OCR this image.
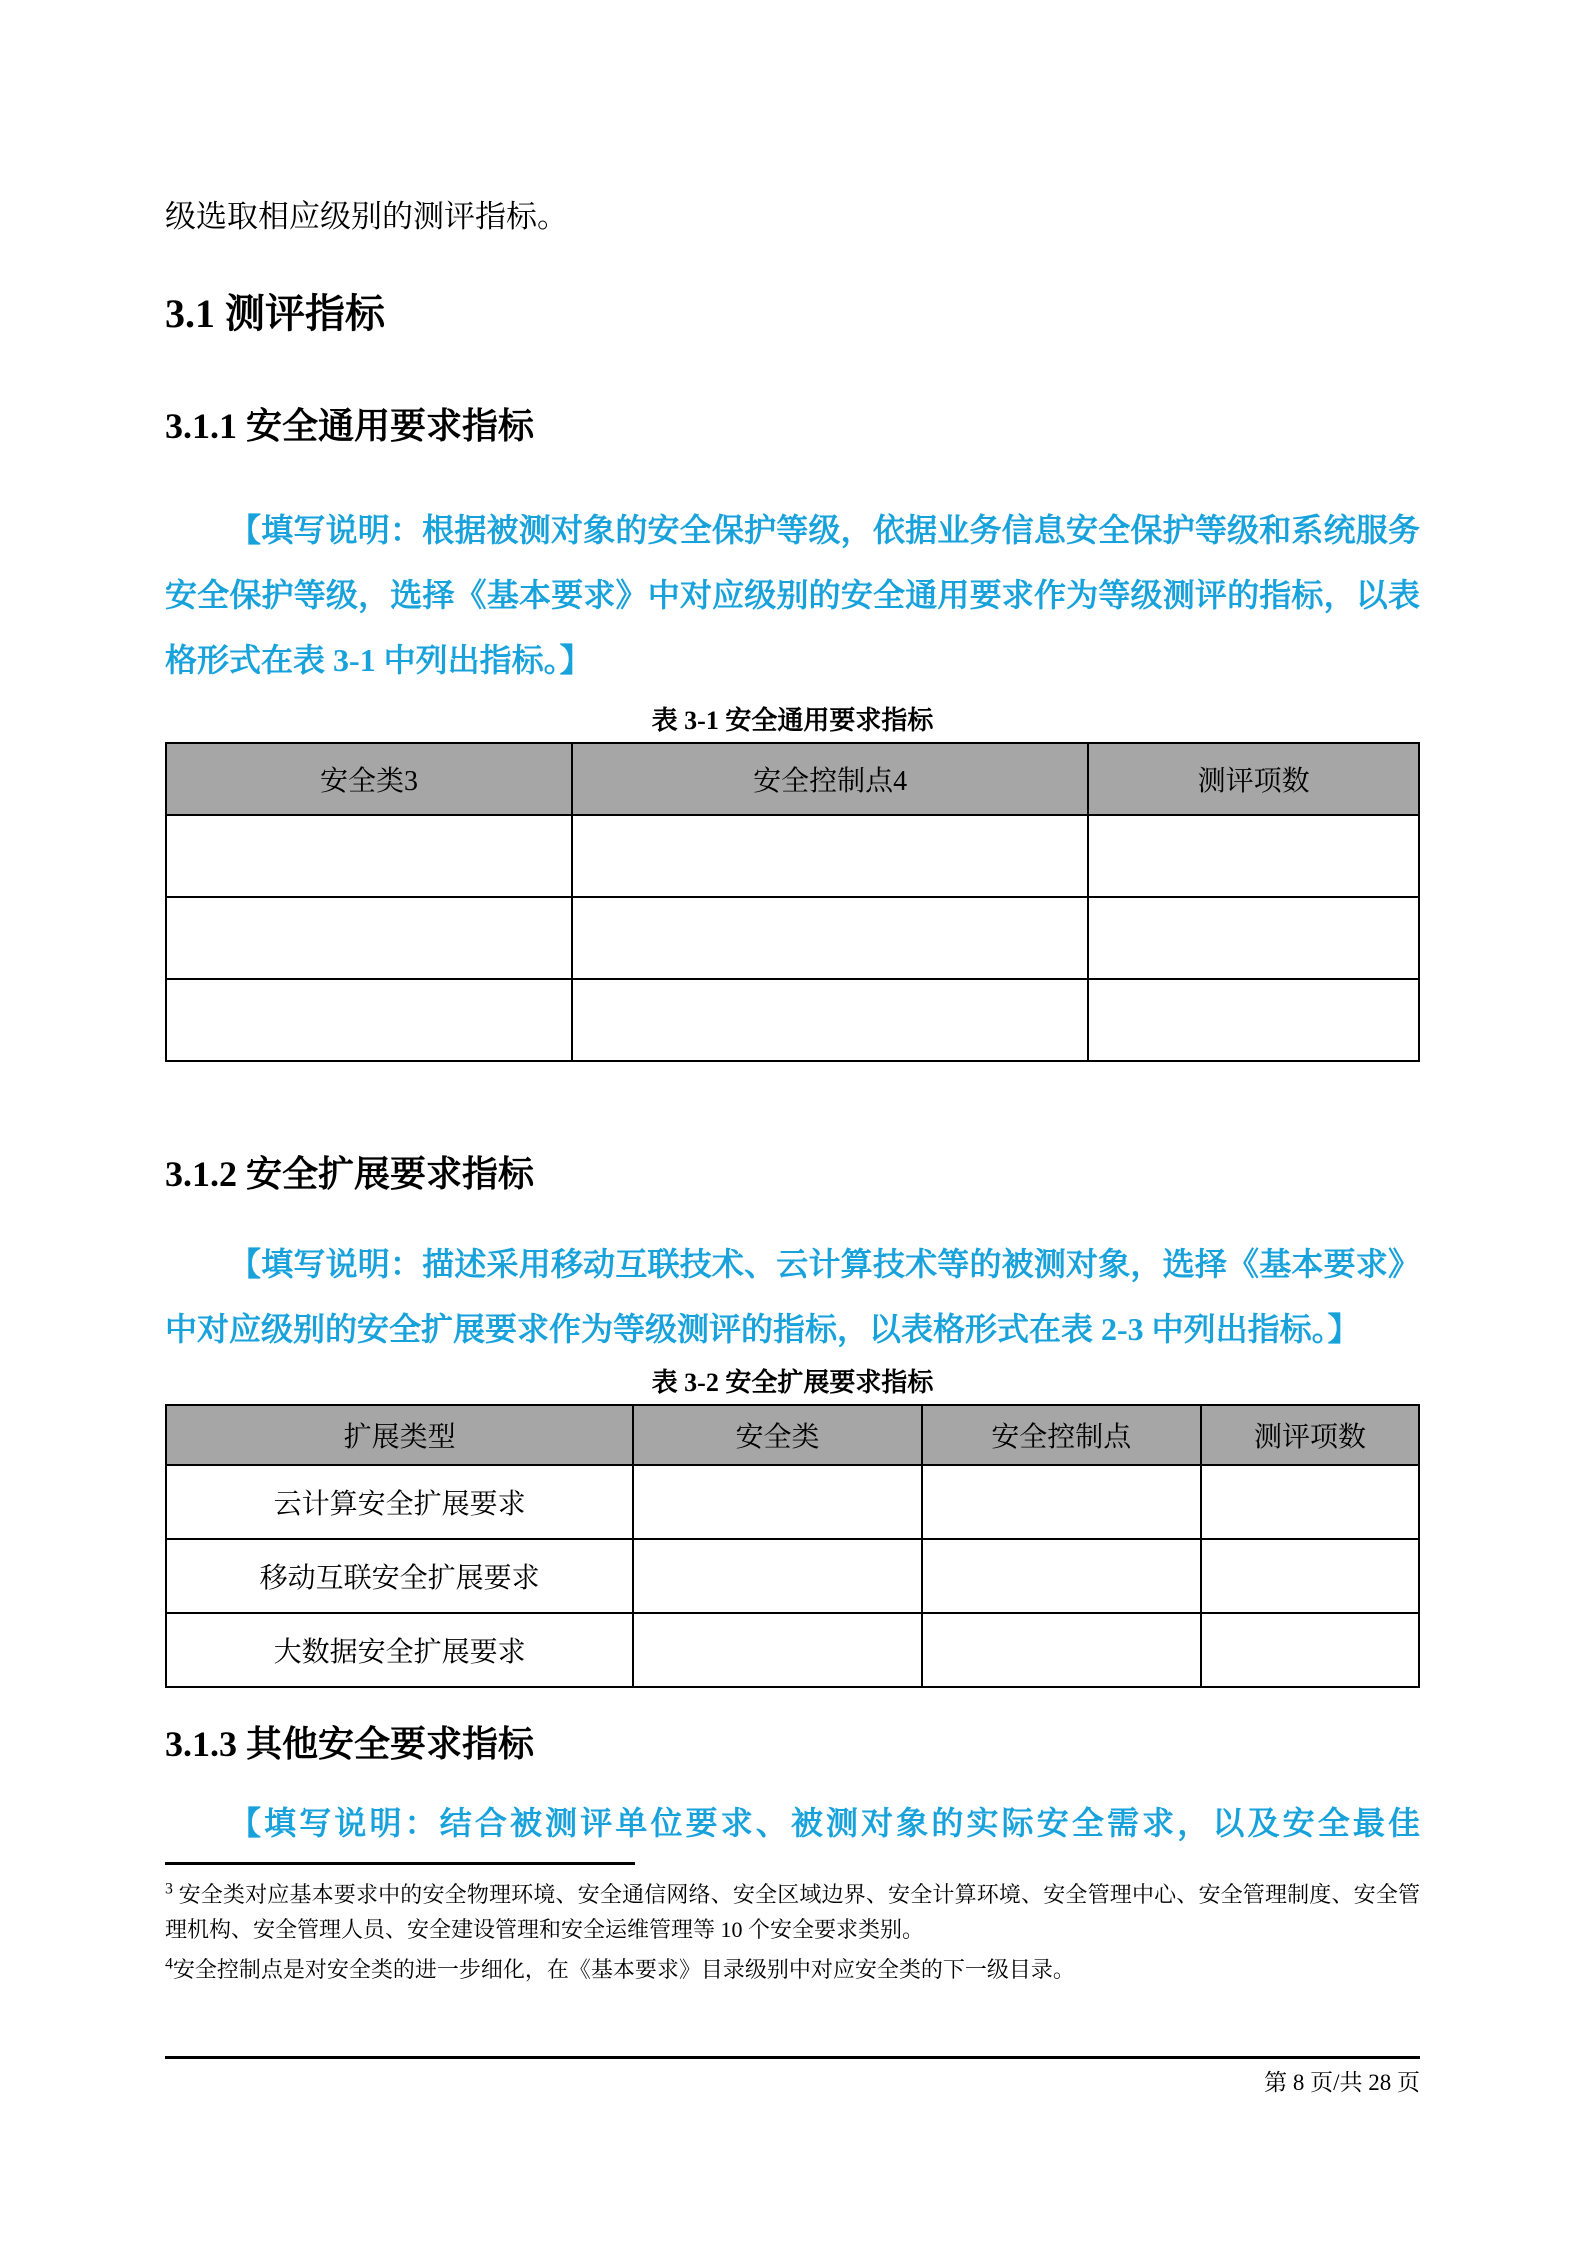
级选取相应级别的测评指标。

3.1 测评指标
3.1.1 安全通用要求指标

【填写说明：根据被测对象的安全保护等级，依据业务信息安全保护等级和系统服务安全保护等级，选择《基本要求》中对应级别的安全通用要求作为等级测评的指标，以表格形式在表 3-1 中列出指标。】

表 3-1 安全通用要求指标

安全类3	安全控制点4	测评项数

3.1.2 安全扩展要求指标

【填写说明：描述采用移动互联技术、云计算技术等的被测对象，选择《基本要求》中对应级别的安全扩展要求作为等级测评的指标，以表格形式在表 2-3 中列出指标。】

表 3-2 安全扩展要求指标

扩展类型	安全类	安全控制点	测评项数
云计算安全扩展要求			
移动互联安全扩展要求			
大数据安全扩展要求			
3.1.3 其他安全要求指标

【填写说明：结合被测评单位要求、被测对象的实际安全需求，以及安全最佳

$^3$ 安全类对应基本要求中的安全物理环境、安全通信网络、安全区域边界、安全计算环境、安全管理中心、安全管理制度、安全管理机构、安全管理人员、安全建设管理和安全运维管理等 10 个安全要求类别。

$^4$安全控制点是对安全类的进一步细化，在《基本要求》目录级别中对应安全类的下一级目录。

第 8 页/共 28 页
